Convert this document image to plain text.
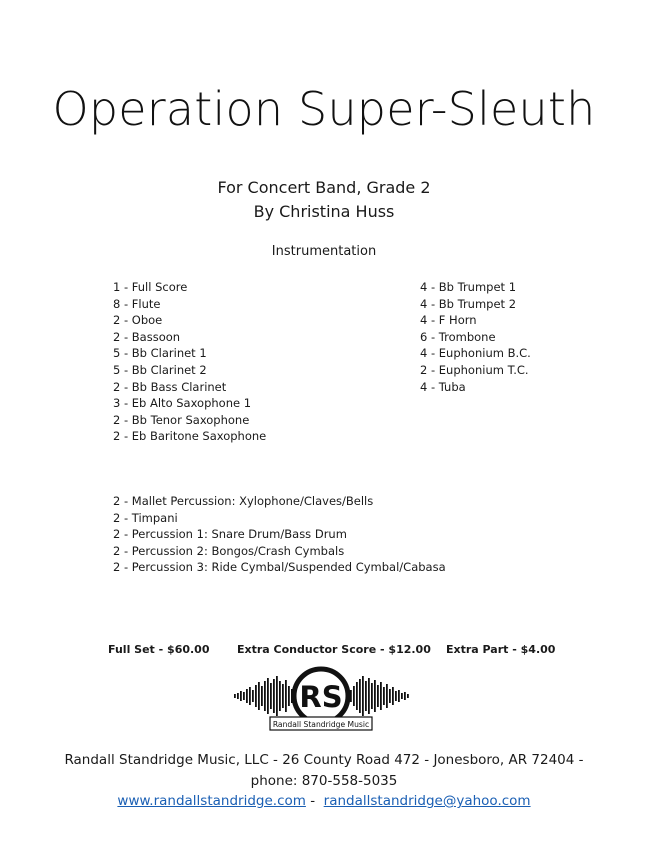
Operation Super-Sleuth
For Concert Band, Grade 2
By Christina Huss
Instrumentation
1 - Full Score
8 - Flute
2 - Oboe
2 - Bassoon
5 - Bb Clarinet 1
5 - Bb Clarinet 2
2 - Bb Bass Clarinet
3 - Eb Alto Saxophone 1
2 - Bb Tenor Saxophone
2 - Eb Baritone Saxophone
4 - Bb Trumpet 1
4 - Bb Trumpet 2
4 - F Horn
6 - Trombone
4 - Euphonium B.C.
2 - Euphonium T.C.
4 - Tuba
2 - Mallet Percussion: Xylophone/Claves/Bells
2 - Timpani
2 - Percussion 1: Snare Drum/Bass Drum
2 - Percussion 2: Bongos/Crash Cymbals
2 - Percussion 3: Ride Cymbal/Suspended Cymbal/Cabasa
Full Set - $60.00	Extra Conductor Score - $12.00 Extra Part - $4.00
RS
Randall Standridge Music
Randall Standridge Music, LLC - 26 County Road 472 - Jonesboro, AR 72404 -
phone: 870-558-5035
www.randallstandridge.com -  randallstandridge@yahoo.com
